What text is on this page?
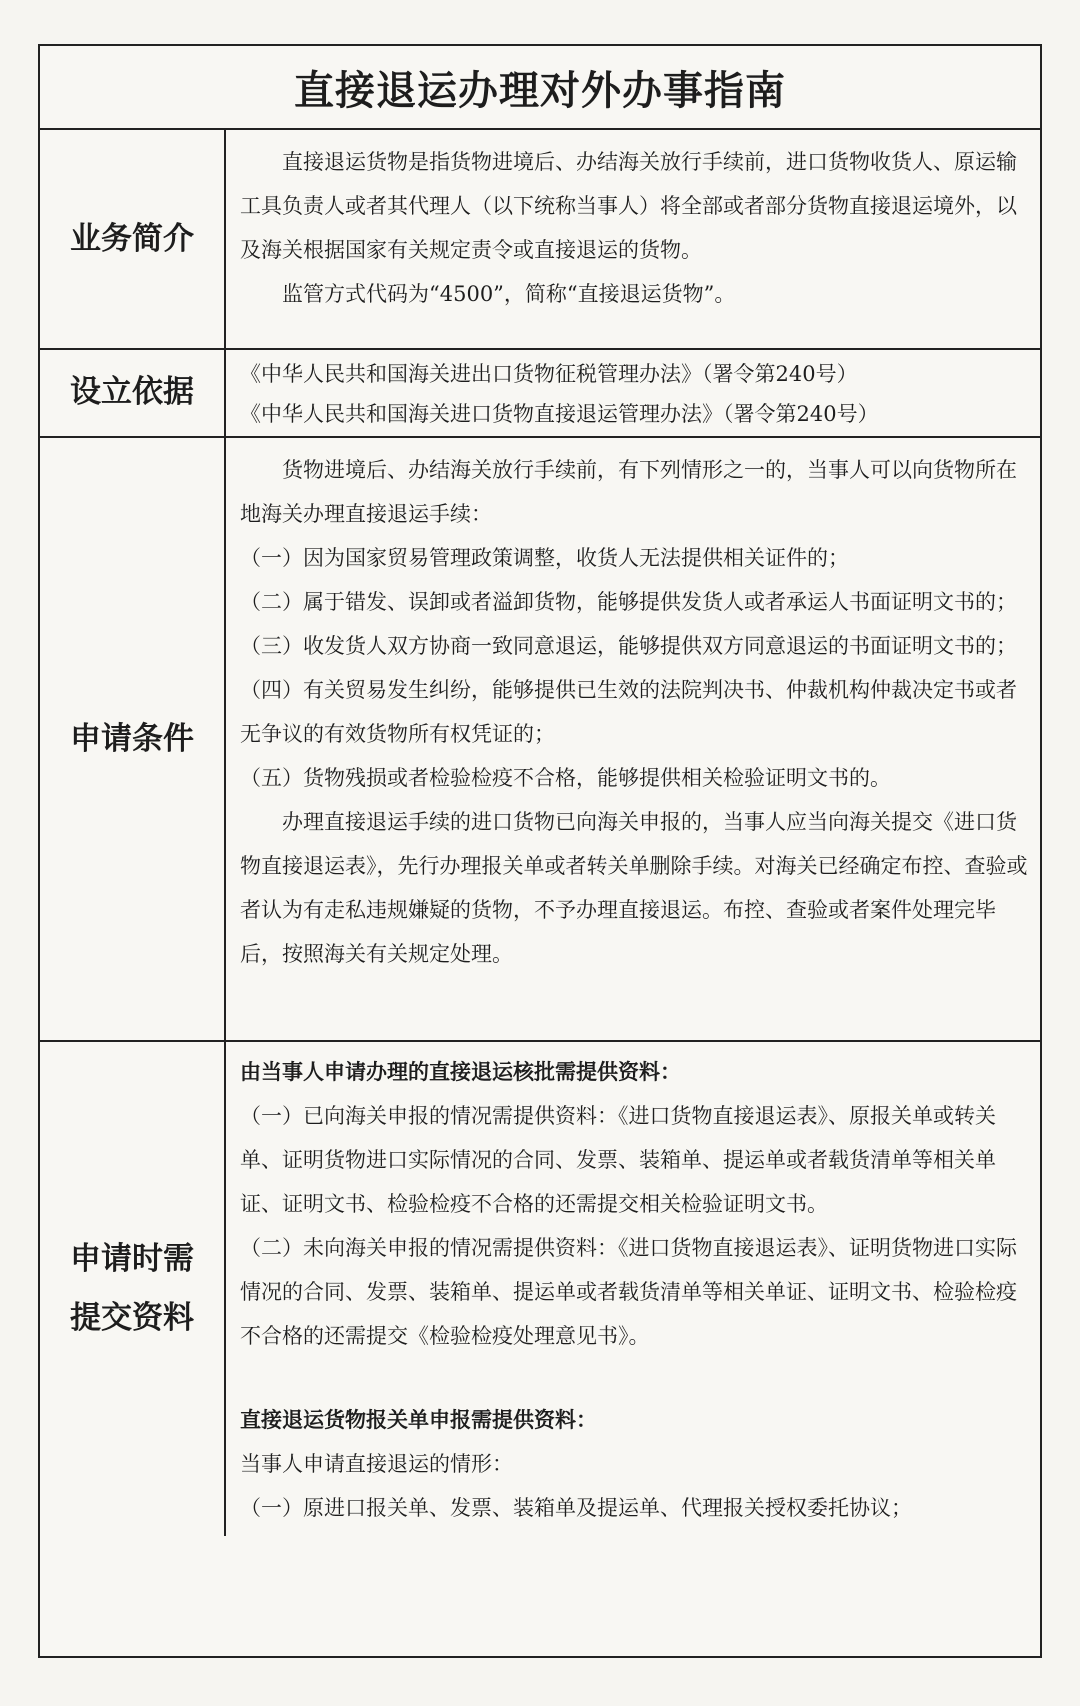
直接退运办理对外办事指南
业务简介

直接退运货物是指货物进境后、办结海关放行手续前，进口货物收货人、原运输工具负责人或者其代理人（以下统称当事人）将全部或者部分货物直接退运境外，以及海关根据国家有关规定责令或直接退运的货物。

监管方式代码为“4500”，简称“直接退运货物”。

设立依据

《中华人民共和国海关进出口货物征税管理办法》（署令第240号）

《中华人民共和国海关进口货物直接退运管理办法》（署令第240号）

申请条件

货物进境后、办结海关放行手续前，有下列情形之一的，当事人可以向货物所在地海关办理直接退运手续：

（一）因为国家贸易管理政策调整，收货人无法提供相关证件的；

（二）属于错发、误卸或者溢卸货物，能够提供发货人或者承运人书面证明文书的；

（三）收发货人双方协商一致同意退运，能够提供双方同意退运的书面证明文书的；

（四）有关贸易发生纠纷，能够提供已生效的法院判决书、仲裁机构仲裁决定书或者无争议的有效货物所有权凭证的；

（五）货物残损或者检验检疫不合格，能够提供相关检验证明文书的。

办理直接退运手续的进口货物已向海关申报的，当事人应当向海关提交《进口货物直接退运表》，先行办理报关单或者转关单删除手续。对海关已经确定布控、查验或者认为有走私违规嫌疑的货物，不予办理直接退运。布控、查验或者案件处理完毕后，按照海关有关规定处理。

申请时需
提交资料

由当事人申请办理的直接退运核批需提供资料：

（一）已向海关申报的情况需提供资料：《进口货物直接退运表》、原报关单或转关单、证明货物进口实际情况的合同、发票、装箱单、提运单或者载货清单等相关单证、证明文书、检验检疫不合格的还需提交相关检验证明文书。

（二）未向海关申报的情况需提供资料：《进口货物直接退运表》、证明货物进口实际情况的合同、发票、装箱单、提运单或者载货清单等相关单证、证明文书、检验检疫不合格的还需提交《检验检疫处理意见书》。

直接退运货物报关单申报需提供资料：

当事人申请直接退运的情形：

（一）原进口报关单、发票、装箱单及提运单、代理报关授权委托协议；
